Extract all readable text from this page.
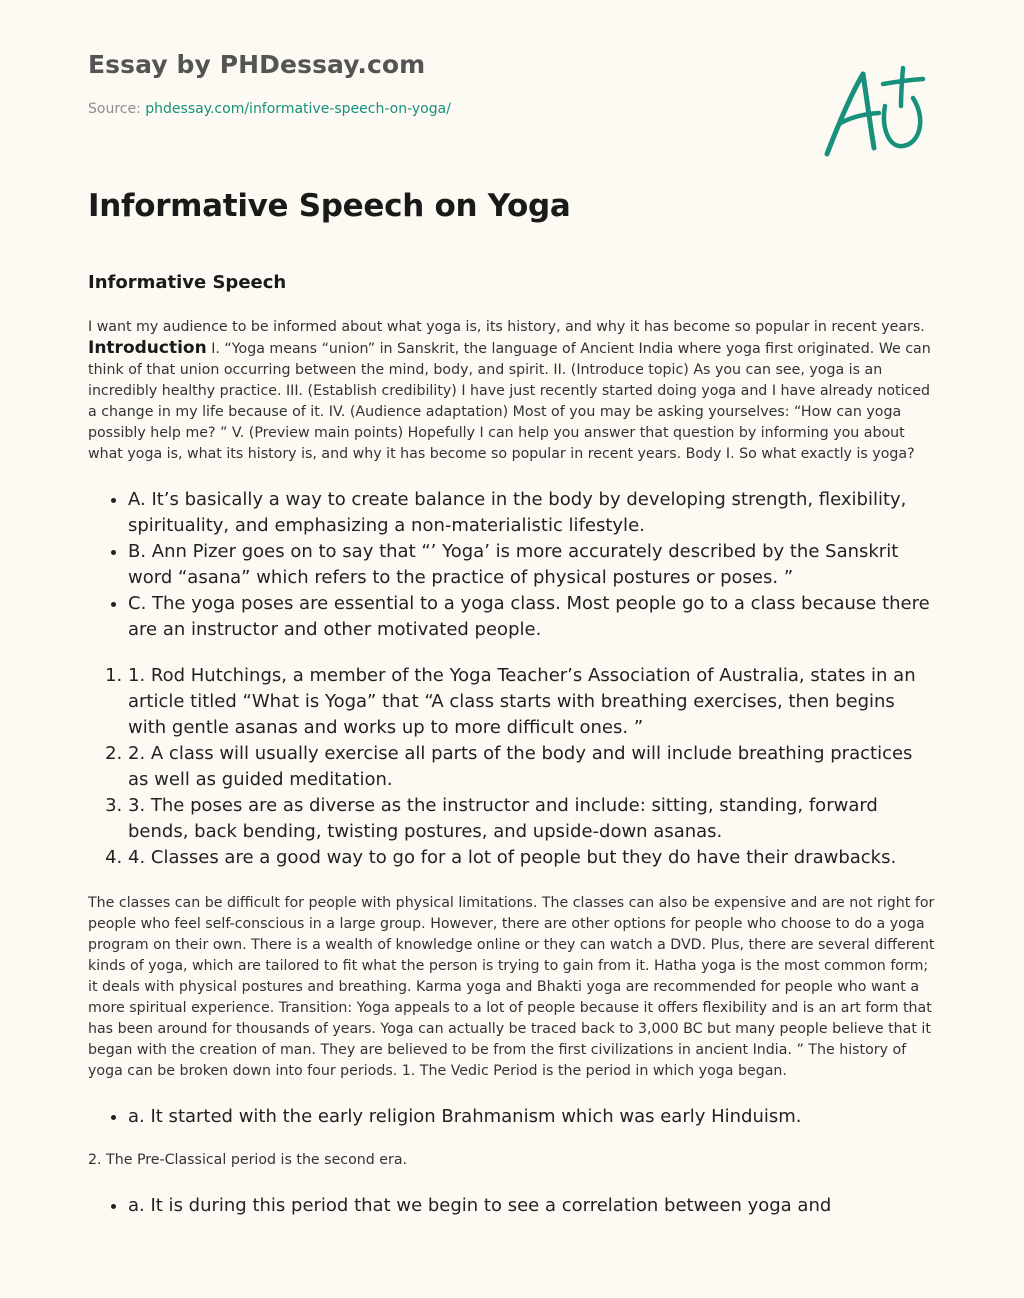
Essay by PHDessay.com
Source: phdessay.com/informative-speech-on-yoga/
Informative Speech on Yoga
Informative Speech

I want my audience to be informed about what yoga is, its history, and why it has become so popular in recent years. Introduction I. “Yoga means “union” in Sanskrit, the language of Ancient India where yoga first originated. We can think of that union occurring between the mind, body, and spirit. II. (Introduce topic) As you can see, yoga is an incredibly healthy practice. III. (Establish credibility) I have just recently started doing yoga and I have already noticed a change in my life because of it. IV. (Audience adaptation) Most of you may be asking yourselves: “How can yoga possibly help me? ” V. (Preview main points) Hopefully I can help you answer that question by informing you about what yoga is, what its history is, and why it has become so popular in recent years. Body I. So what exactly is yoga?

• A. It’s basically a way to create balance in the body by developing strength, flexibility, spirituality, and emphasizing a non-materialistic lifestyle.
• B. Ann Pizer goes on to say that “’ Yoga’ is more accurately described by the Sanskrit word “asana” which refers to the practice of physical postures or poses. ”
• C. The yoga poses are essential to a yoga class. Most people go to a class because there are an instructor and other motivated people.
1. 1. Rod Hutchings, a member of the Yoga Teacher’s Association of Australia, states in an article titled “What is Yoga” that “A class starts with breathing exercises, then begins with gentle asanas and works up to more difficult ones. ”
2. 2. A class will usually exercise all parts of the body and will include breathing practices as well as guided meditation.
3. 3. The poses are as diverse as the instructor and include: sitting, standing, forward bends, back bending, twisting postures, and upside-down asanas.
4. 4. Classes are a good way to go for a lot of people but they do have their drawbacks.

The classes can be difficult for people with physical limitations. The classes can also be expensive and are not right for people who feel self-conscious in a large group. However, there are other options for people who choose to do a yoga program on their own. There is a wealth of knowledge online or they can watch a DVD. Plus, there are several different kinds of yoga, which are tailored to fit what the person is trying to gain from it. Hatha yoga is the most common form; it deals with physical postures and breathing. Karma yoga and Bhakti yoga are recommended for people who want a more spiritual experience. Transition: Yoga appeals to a lot of people because it offers flexibility and is an art form that has been around for thousands of years. Yoga can actually be traced back to 3,000 BC but many people believe that it began with the creation of man. They are believed to be from the first civilizations in ancient India. ” The history of yoga can be broken down into four periods. 1. The Vedic Period is the period in which yoga began.

• a. It started with the early religion Brahmanism which was early Hinduism.

2. The Pre-Classical period is the second era.

• a. It is during this period that we begin to see a correlation between yoga and
